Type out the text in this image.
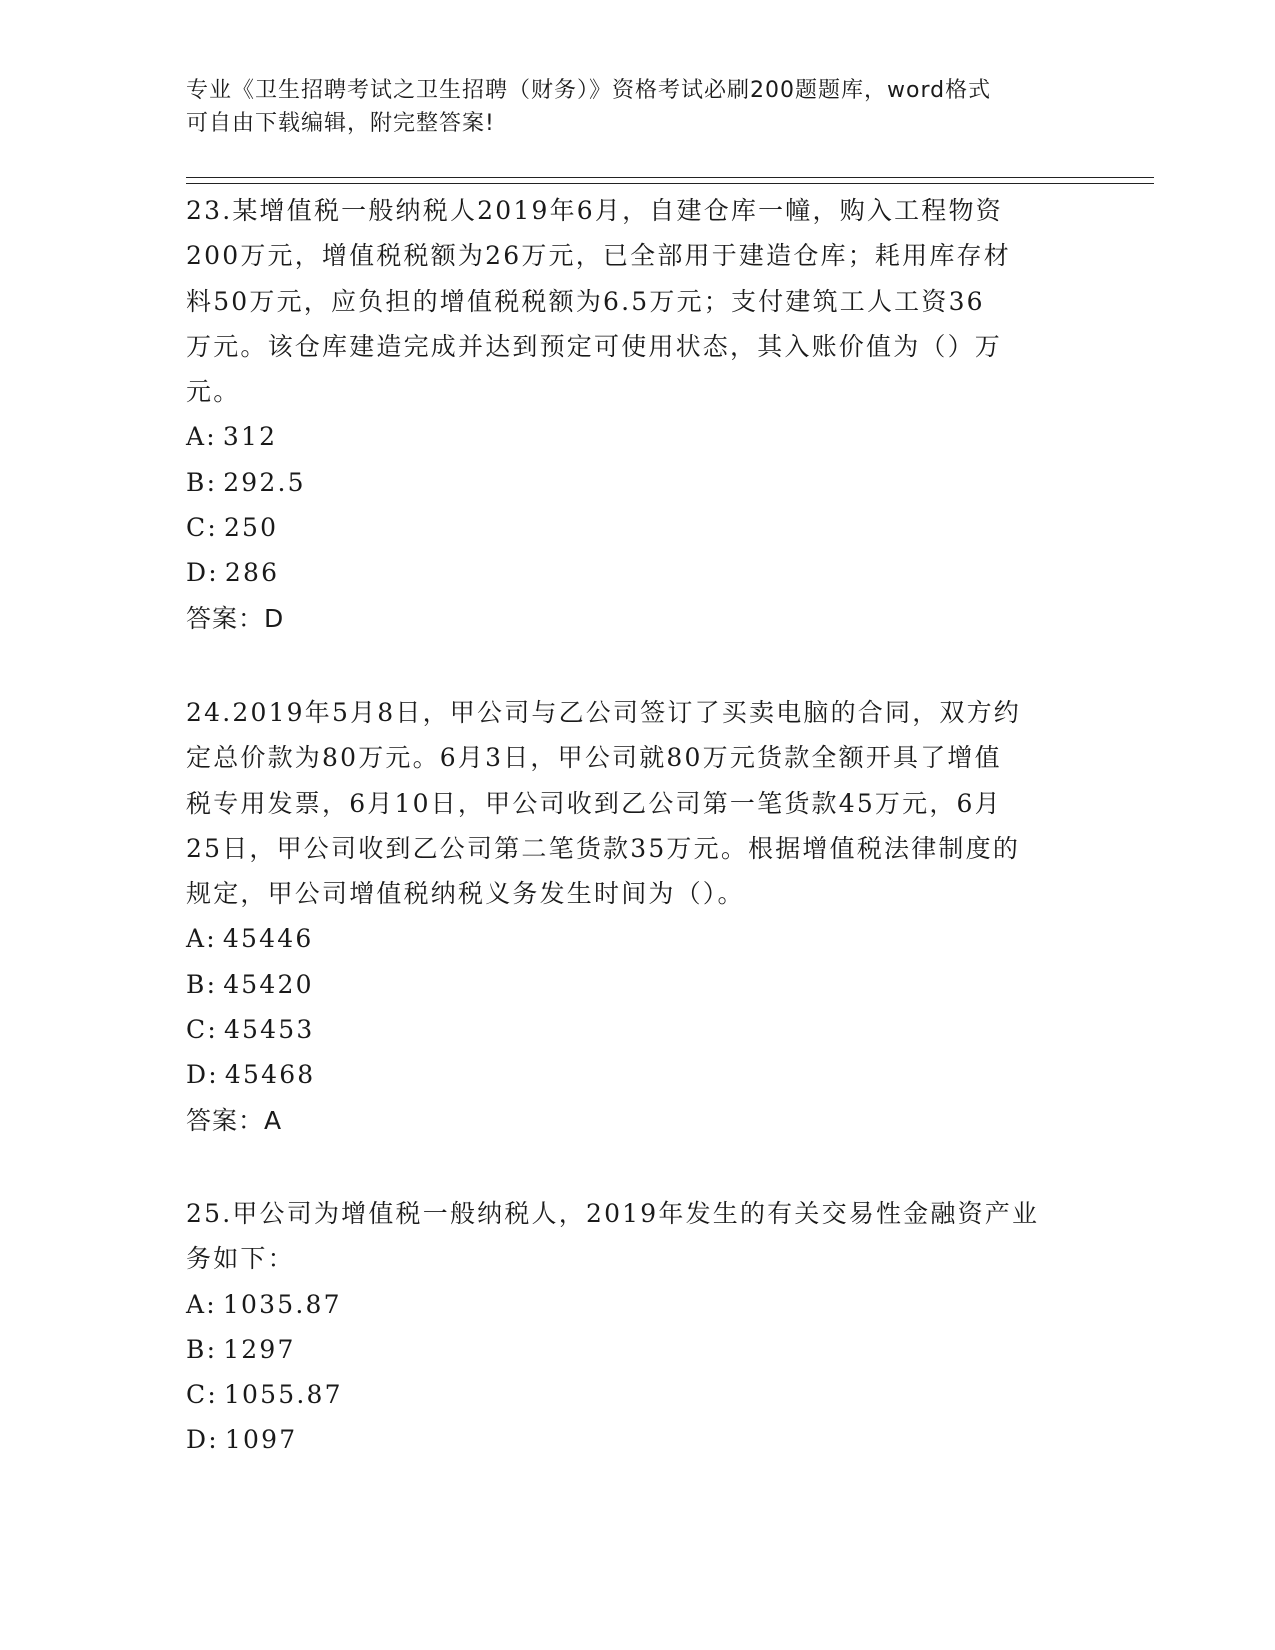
专业《卫生招聘考试之卫生招聘（财务）》资格考试必刷200题题库，word格式
可自由下载编辑，附完整答案!

23.某增值税一般纳税人2019年6月，自建仓库一幢，购入工程物资

200万元，增值税税额为26万元，已全部用于建造仓库；耗用库存材

料50万元，应负担的增值税税额为6.5万元；支付建筑工人工资36

万元。该仓库建造完成并达到预定可使用状态，其入账价值为（）万

元。

A: 312

B: 292.5

C: 250

D: 286

答案：D

24.2019年5月8日，甲公司与乙公司签订了买卖电脑的合同，双方约

定总价款为80万元。6月3日，甲公司就80万元货款全额开具了增值

税专用发票，6月10日，甲公司收到乙公司第一笔货款45万元，6月

25日，甲公司收到乙公司第二笔货款35万元。根据增值税法律制度的

规定，甲公司增值税纳税义务发生时间为（）。

A: 45446

B: 45420

C: 45453

D: 45468

答案：A

25.甲公司为增值税一般纳税人，2019年发生的有关交易性金融资产业

务如下：

A: 1035.87

B: 1297

C: 1055.87

D: 1097
